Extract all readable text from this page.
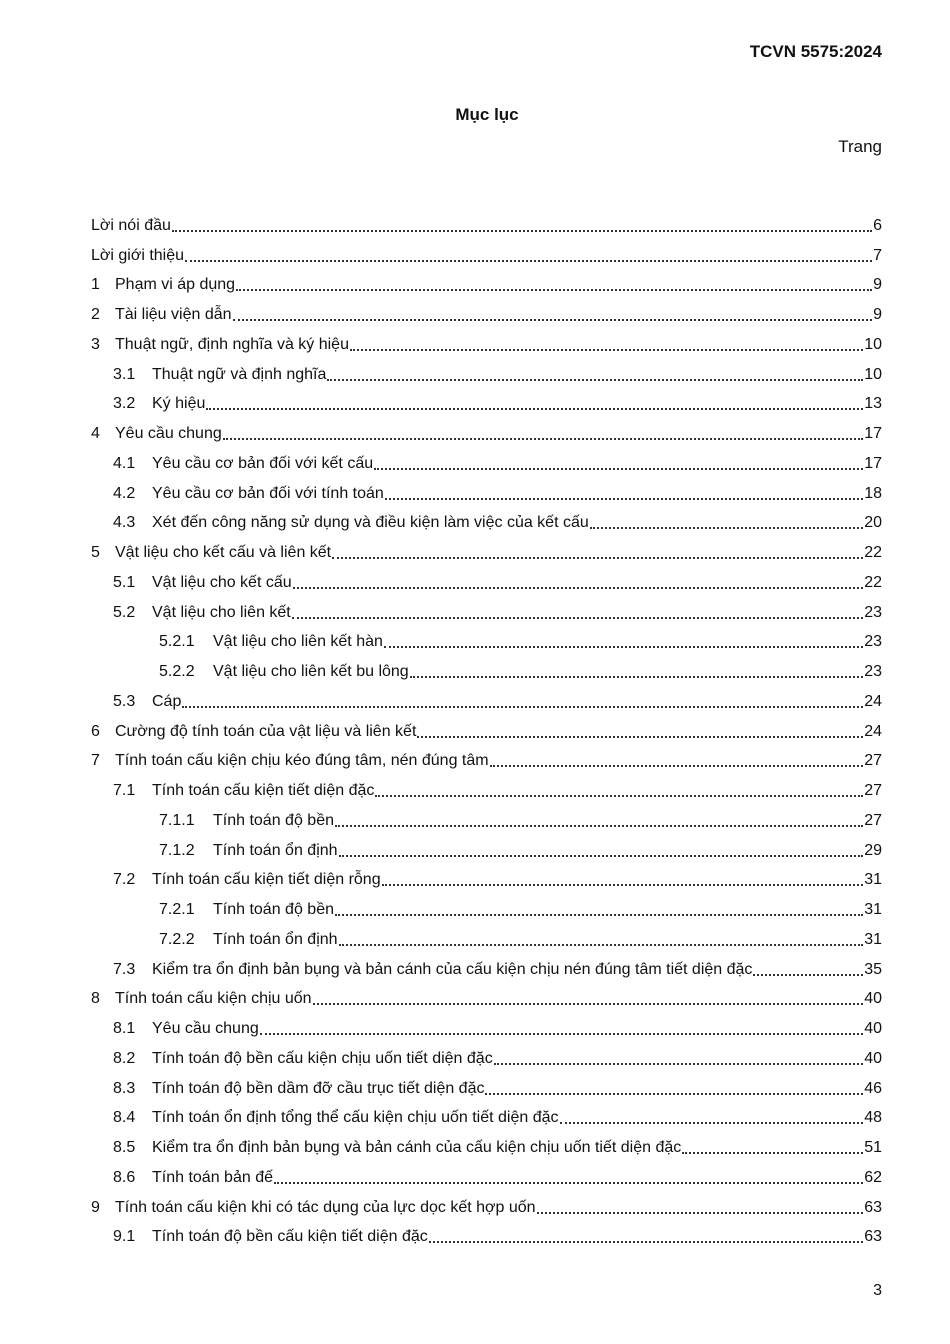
TCVN 5575:2024
Mục lục
Trang
Lời nói đầu	6
Lời giới thiệu	7
1 Phạm vi áp dụng	9
2 Tài liệu viện dẫn	9
3 Thuật ngữ, định nghĩa và ký hiệu	10
3.1 Thuật ngữ và định nghĩa	10
3.2 Ký hiệu	13
4 Yêu cầu chung	17
4.1 Yêu cầu cơ bản đối với kết cấu	17
4.2 Yêu cầu cơ bản đối với tính toán	18
4.3 Xét đến công năng sử dụng và điều kiện làm việc của kết cấu	20
5 Vật liệu cho kết cấu và liên kết	22
5.1 Vật liệu cho kết cấu	22
5.2 Vật liệu cho liên kết	23
5.2.1 Vật liệu cho liên kết hàn	23
5.2.2 Vật liệu cho liên kết bu lông	23
5.3 Cáp	24
6 Cường độ tính toán của vật liệu và liên kết	24
7 Tính toán cấu kiện chịu kéo đúng tâm, nén đúng tâm	27
7.1 Tính toán cấu kiện tiết diện đặc	27
7.1.1 Tính toán độ bền	27
7.1.2 Tính toán ổn định	29
7.2 Tính toán cấu kiện tiết diện rỗng	31
7.2.1 Tính toán độ bền	31
7.2.2 Tính toán ổn định	31
7.3 Kiểm tra ổn định bản bụng và bản cánh của cấu kiện chịu nén đúng tâm tiết diện đặc	35
8 Tính toán cấu kiện chịu uốn	40
8.1 Yêu cầu chung	40
8.2 Tính toán độ bền cấu kiện chịu uốn tiết diện đặc	40
8.3 Tính toán độ bền dầm đỡ cầu trục tiết diện đặc	46
8.4 Tính toán ổn định tổng thể cấu kiện chịu uốn tiết diện đặc	48
8.5 Kiểm tra ổn định bản bụng và bản cánh của cấu kiện chịu uốn tiết diện đặc	51
8.6 Tính toán bản đế	62
9 Tính toán cấu kiện khi có tác dụng của lực dọc kết hợp uốn	63
9.1 Tính toán độ bền cấu kiện tiết diện đặc	63
3
